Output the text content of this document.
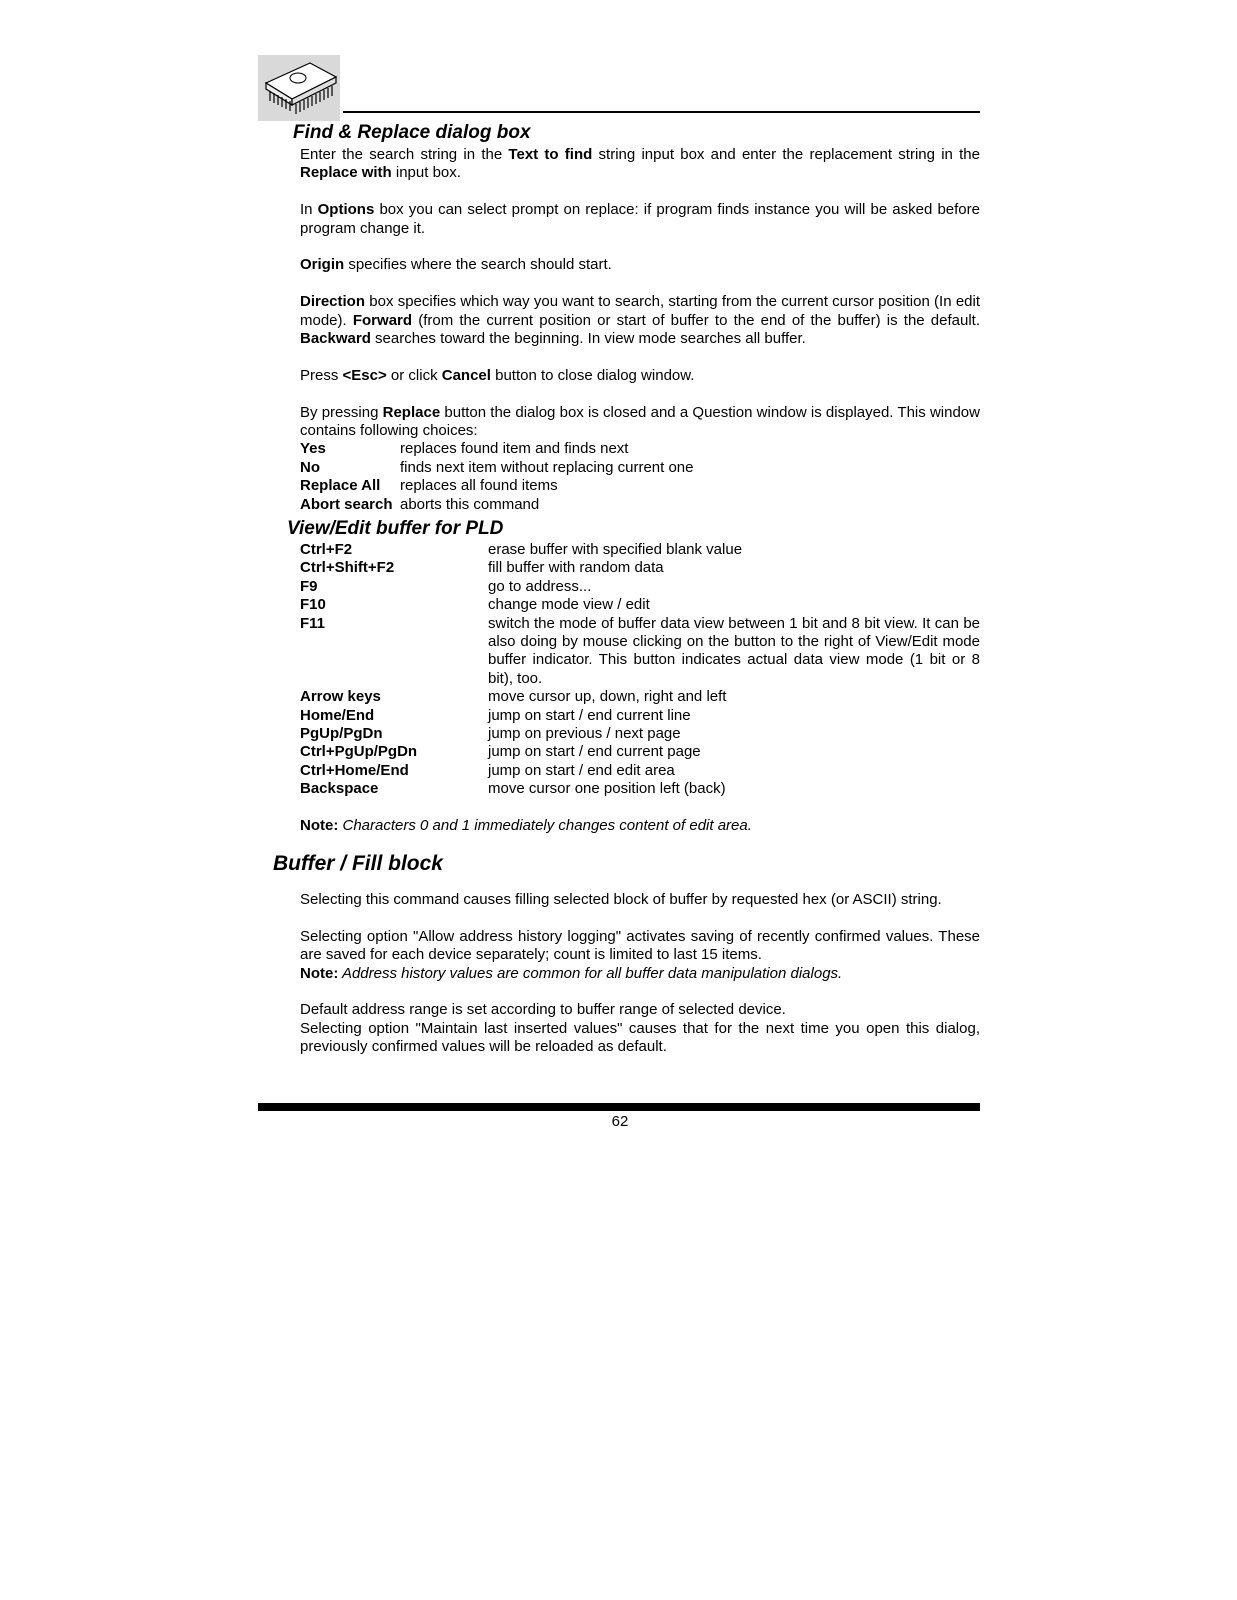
Find & Replace dialog box

Enter the search string in the Text to find string input box and enter the replacement string in the Replace with input box.

In Options box you can select prompt on replace: if program finds instance you will be asked before program change it.

Origin specifies where the search should start.

Direction box specifies which way you want to search, starting from the current cursor position (In edit mode). Forward (from the current position or start of buffer to the end of the buffer) is the default. Backward searches toward the beginning. In view mode searches all buffer.

Press <Esc> or click Cancel button to close dialog window.

By pressing Replace button the dialog box is closed and a Question window is displayed. This window contains following choices:

Yes	replaces found item and finds next
No	finds next item without replacing current one
Replace All replaces all found items
Abort search aborts this command
View/Edit buffer for PLD
Ctrl+F2	erase buffer with specified blank value
Ctrl+Shift+F2	fill buffer with random data
F9	go to address...
F10	change mode view / edit
F11	switch the mode of buffer data view between 1 bit and 8 bit view. It can be also doing by mouse clicking on the button to the right of View/Edit mode buffer indicator. This button indicates actual data view mode (1 bit or 8 bit), too.
Arrow keys	move cursor up, down, right and left
Home/End	jump on start / end current line
PgUp/PgDn	jump on previous / next page
Ctrl+PgUp/PgDn	jump on start / end current page
Ctrl+Home/End	jump on start / end edit area
Backspace	move cursor one position left (back)

Note: Characters 0 and 1 immediately changes content of edit area.

Buffer / Fill block

Selecting this command causes filling selected block of buffer by requested hex (or ASCII) string.

Selecting option "Allow address history logging" activates saving of recently confirmed values. These are saved for each device separately; count is limited to last 15 items.

Note: Address history values are common for all buffer data manipulation dialogs.

Default address range is set according to buffer range of selected device.

Selecting option "Maintain last inserted values" causes that for the next time you open this dialog, previously confirmed values will be reloaded as default.

62
